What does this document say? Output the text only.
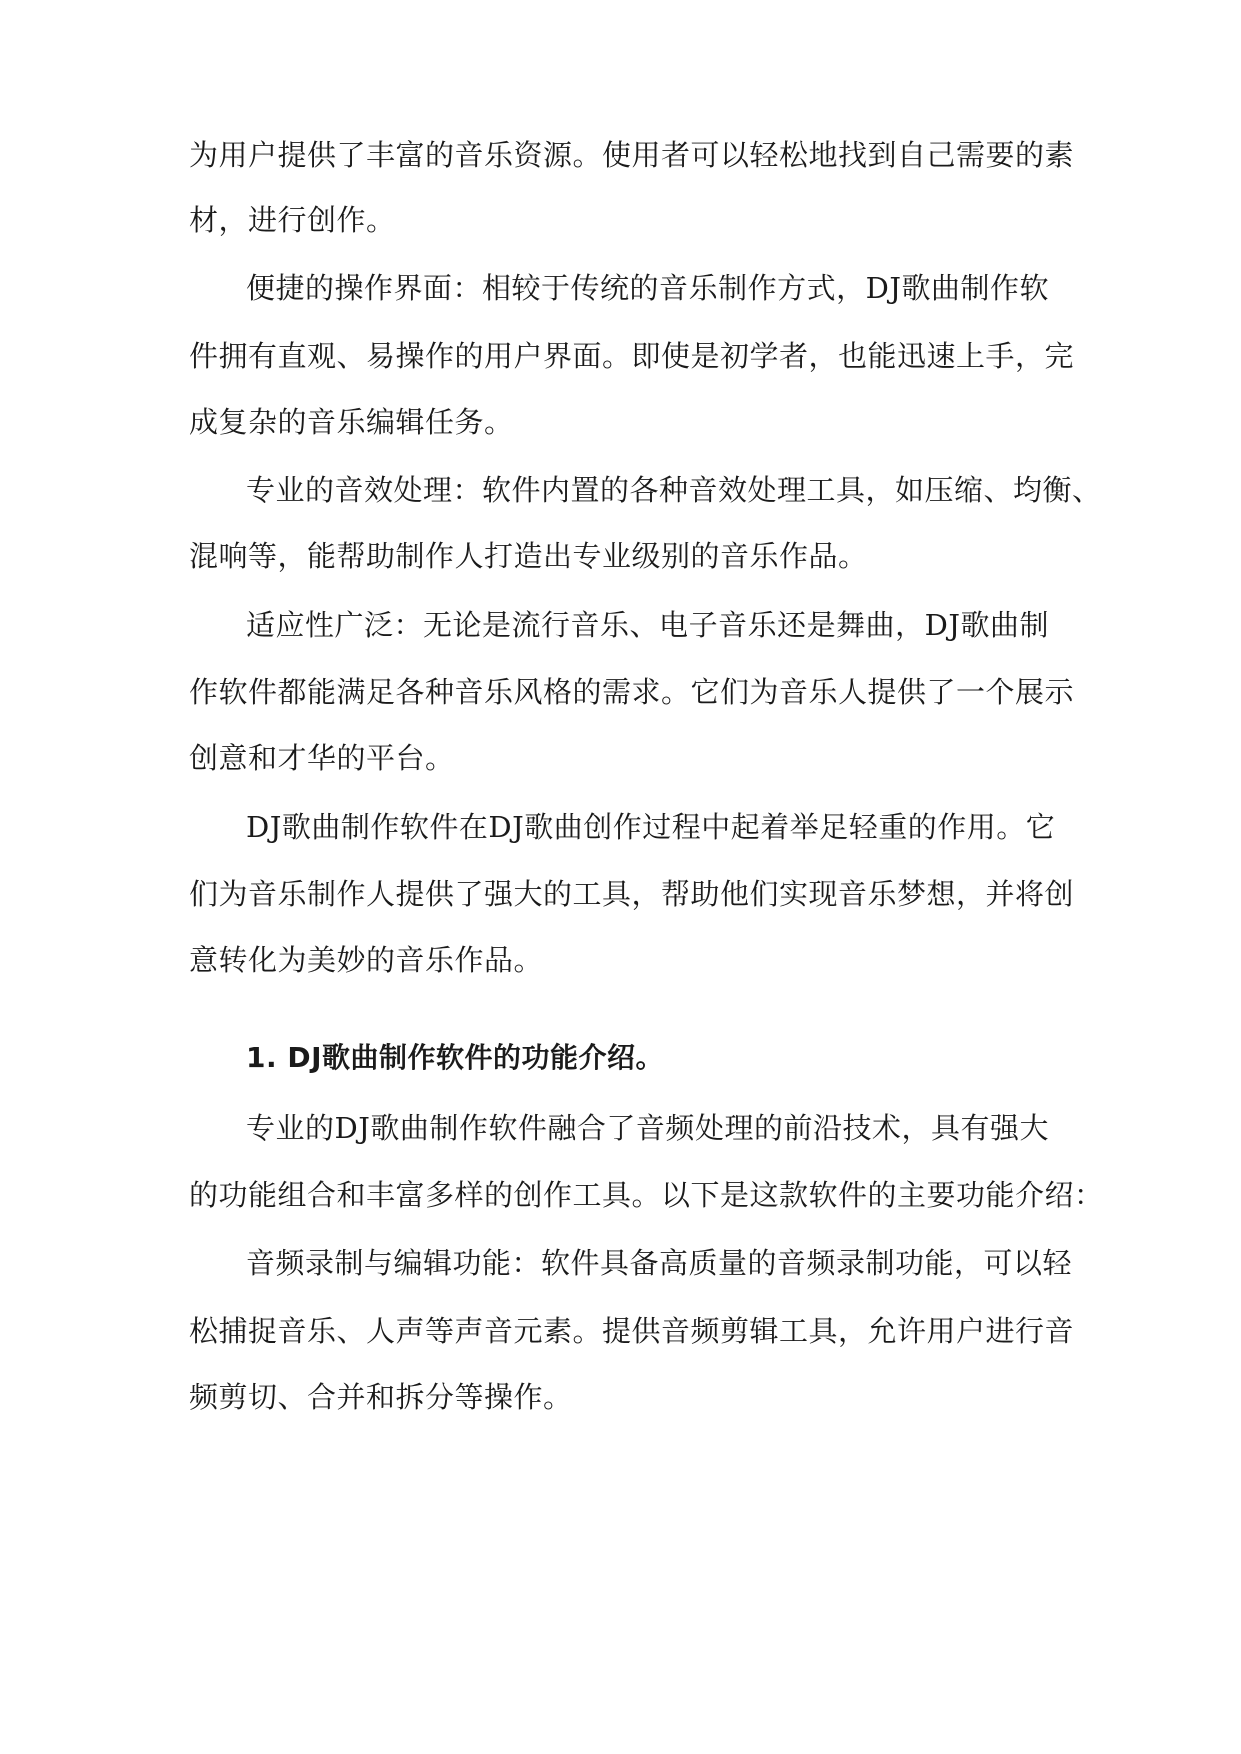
为用户提供了丰富的音乐资源。使用者可以轻松地找到自己需要的素

材，进行创作。

便捷的操作界面：相较于传统的音乐制作方式，DJ歌曲制作软

件拥有直观、易操作的用户界面。即使是初学者，也能迅速上手，完

成复杂的音乐编辑任务。

专业的音效处理：软件内置的各种音效处理工具，如压缩、均衡、

混响等，能帮助制作人打造出专业级别的音乐作品。

适应性广泛：无论是流行音乐、电子音乐还是舞曲，DJ歌曲制

作软件都能满足各种音乐风格的需求。它们为音乐人提供了一个展示

创意和才华的平台。

DJ歌曲制作软件在DJ歌曲创作过程中起着举足轻重的作用。它

们为音乐制作人提供了强大的工具，帮助他们实现音乐梦想，并将创

意转化为美妙的音乐作品。

1. DJ歌曲制作软件的功能介绍。

专业的DJ歌曲制作软件融合了音频处理的前沿技术，具有强大

的功能组合和丰富多样的创作工具。以下是这款软件的主要功能介绍：

音频录制与编辑功能：软件具备高质量的音频录制功能，可以轻

松捕捉音乐、人声等声音元素。提供音频剪辑工具，允许用户进行音

频剪切、合并和拆分等操作。
